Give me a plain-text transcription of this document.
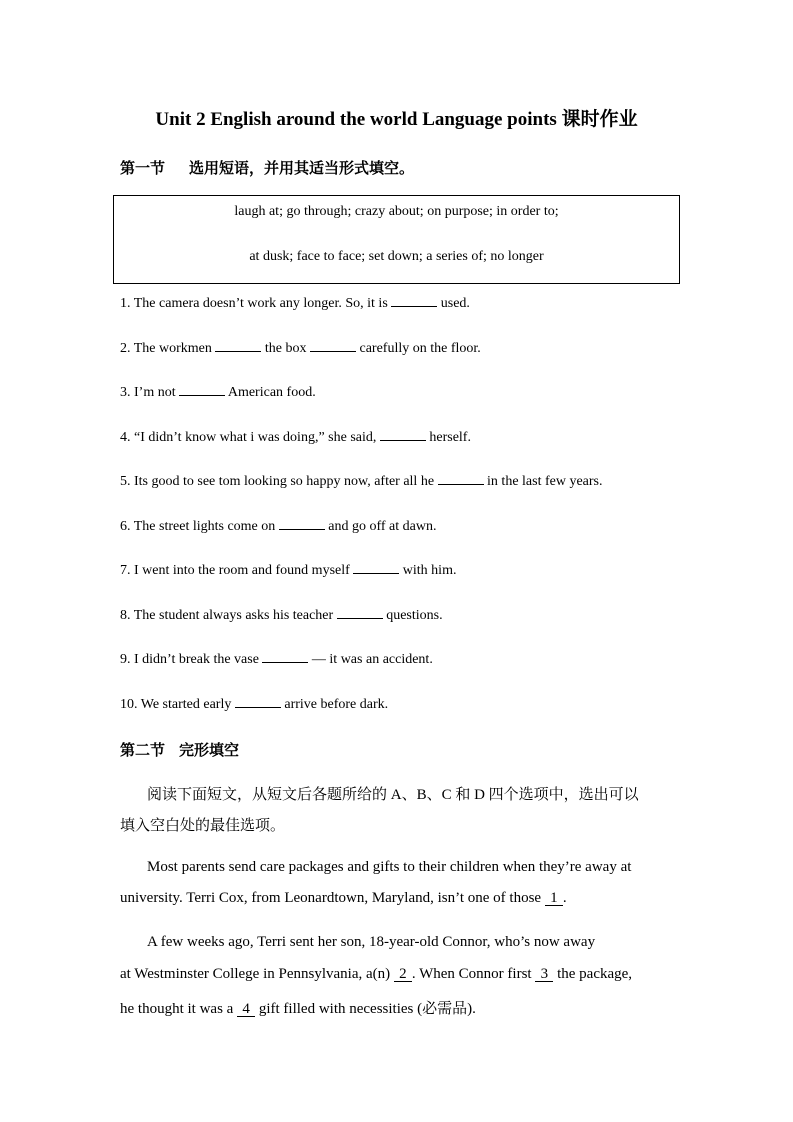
Unit 2 English around the world Language points 课时作业
第一节 选用短语，并用其适当形式填空。
laugh at; go through; crazy about; on purpose; in order to;
at dusk; face to face; set down; a series of; no longer
1. The camera doesn’t work any longer. So, it is	used.
2. The workmen	the box	carefully on the floor.
3. I’m not	American food.
4. “I didn’t know what i was doing,” she said,	herself.
5. Its good to see tom looking so happy now, after all he	in the last few years.
6. The street lights come on	and go off at dawn.
7. I went into the room and found myself	with him.
8. The student always asks his teacher	questions.
9. I didn’t break the vase	— it was an accident.
10. We started early	arrive before dark.
第二节 完形填空
阅读下面短文，从短文后各题所给的 A、B、C 和 D 四个选项中，选出可以
填入空白处的最佳选项。
Most parents send care packages and gifts to their children when they’re away at
university. Terri Cox, from Leonardtown, Maryland, isn’t one of those 1 .
A few weeks ago, Terri sent her son, 18-year-old Connor, who’s now away
at Westminster College in Pennsylvania, a(n) 2 . When Connor first 3 the package,
he thought it was a 4 gift filled with necessities (必需品).
